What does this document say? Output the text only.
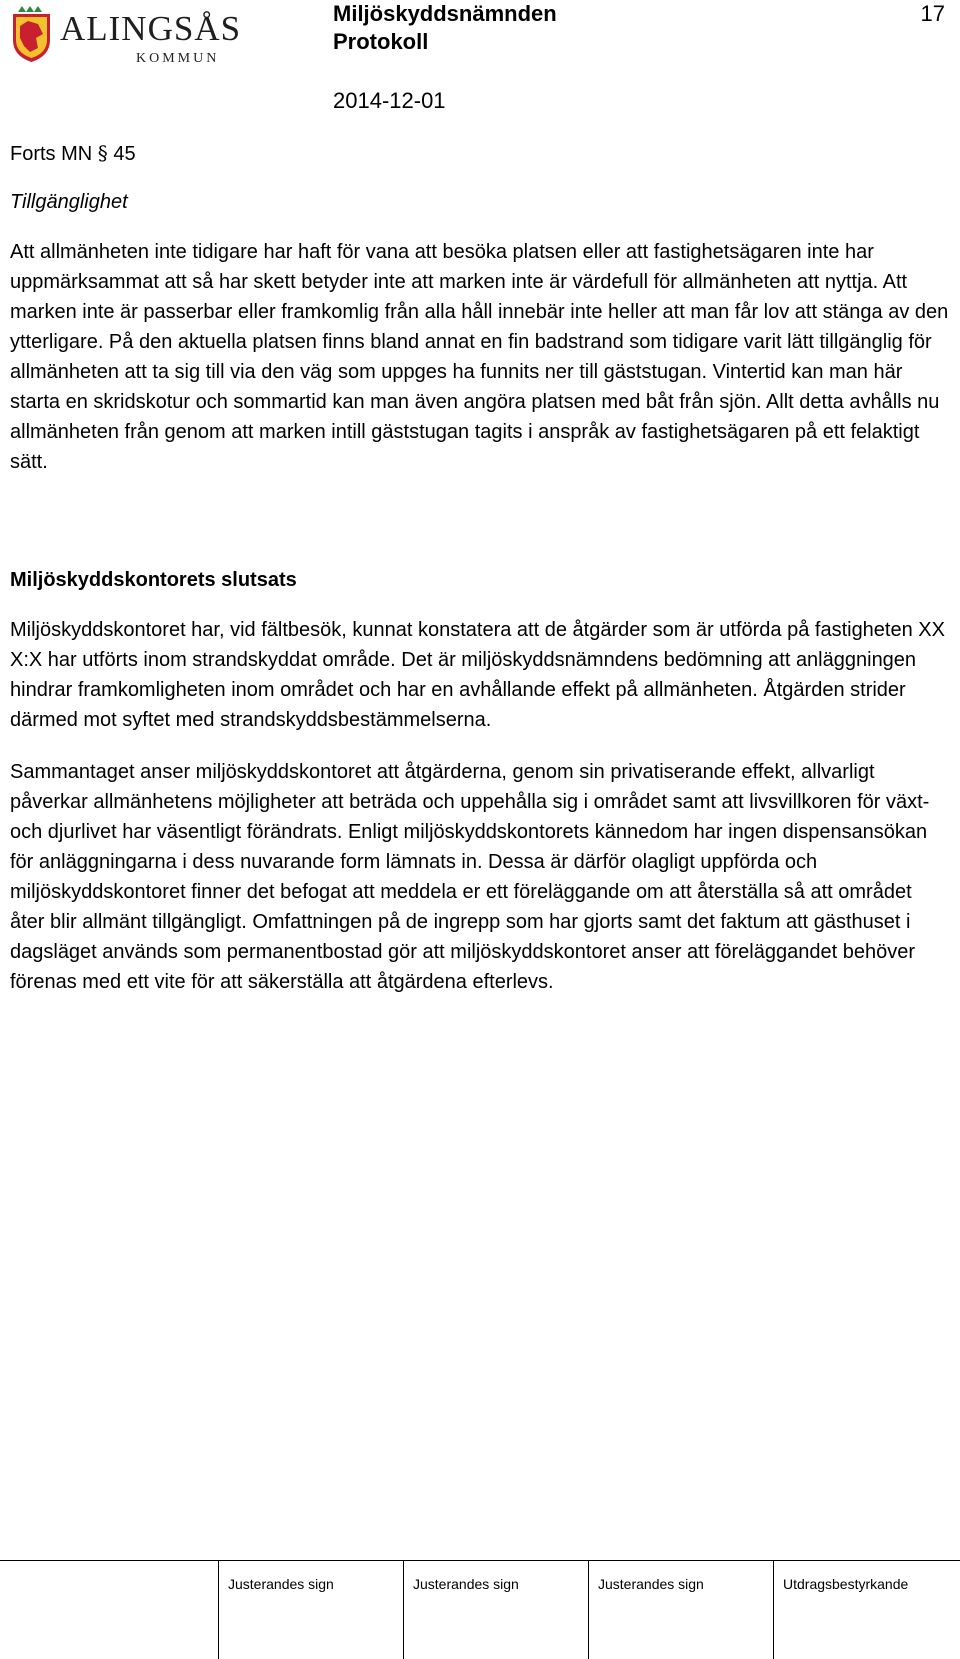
ALINGSÅS
KOMMUN
Miljöskyddsnämnden
Protokoll
2014-12-01
17

Forts MN § 45

Tillgänglighet

Att allmänheten inte tidigare har haft för vana att besöka platsen eller att fastighetsägaren inte har uppmärksammat att så har skett betyder inte att marken inte är värdefull för allmänheten att nyttja. Att marken inte är passerbar eller framkomlig från alla håll innebär inte heller att man får lov att stänga av den ytterligare. På den aktuella platsen finns bland annat en fin badstrand som tidigare varit lätt tillgänglig för allmänheten att ta sig till via den väg som uppges ha funnits ner till gäststugan. Vintertid kan man här starta en skridskotur och sommartid kan man även angöra platsen med båt från sjön. Allt detta avhålls nu allmänheten från genom att marken intill gäststugan tagits i anspråk av fastighetsägaren på ett felaktigt sätt.

Miljöskyddskontorets slutsats

Miljöskyddskontoret har, vid fältbesök, kunnat konstatera att de åtgärder som är utförda på fastigheten XX X:X har utförts inom strandskyddat område. Det är miljöskyddsnämndens bedömning att anläggningen hindrar framkomligheten inom området och har en avhållande effekt på allmänheten. Åtgärden strider därmed mot syftet med strandskyddsbestämmelserna.

Sammantaget anser miljöskyddskontoret att åtgärderna, genom sin privatiserande effekt, allvarligt påverkar allmänhetens möjligheter att beträda och uppehålla sig i området samt att livsvillkoren för växt- och djurlivet har väsentligt förändrats. Enligt miljöskyddskontorets kännedom har ingen dispensansökan för anläggningarna i dess nuvarande form lämnats in. Dessa är därför olagligt uppförda och miljöskyddskontoret finner det befogat att meddela er ett föreläggande om att återställa så att området åter blir allmänt tillgängligt. Omfattningen på de ingrepp som har gjorts samt det faktum att gästhuset i dagsläget används som permanentbostad gör att miljöskyddskontoret anser att föreläggandet behöver förenas med ett vite för att säkerställa att åtgärdena efterlevs.

Justerandes sign	Justerandes sign	Justerandes sign	Utdragsbestyrkande
